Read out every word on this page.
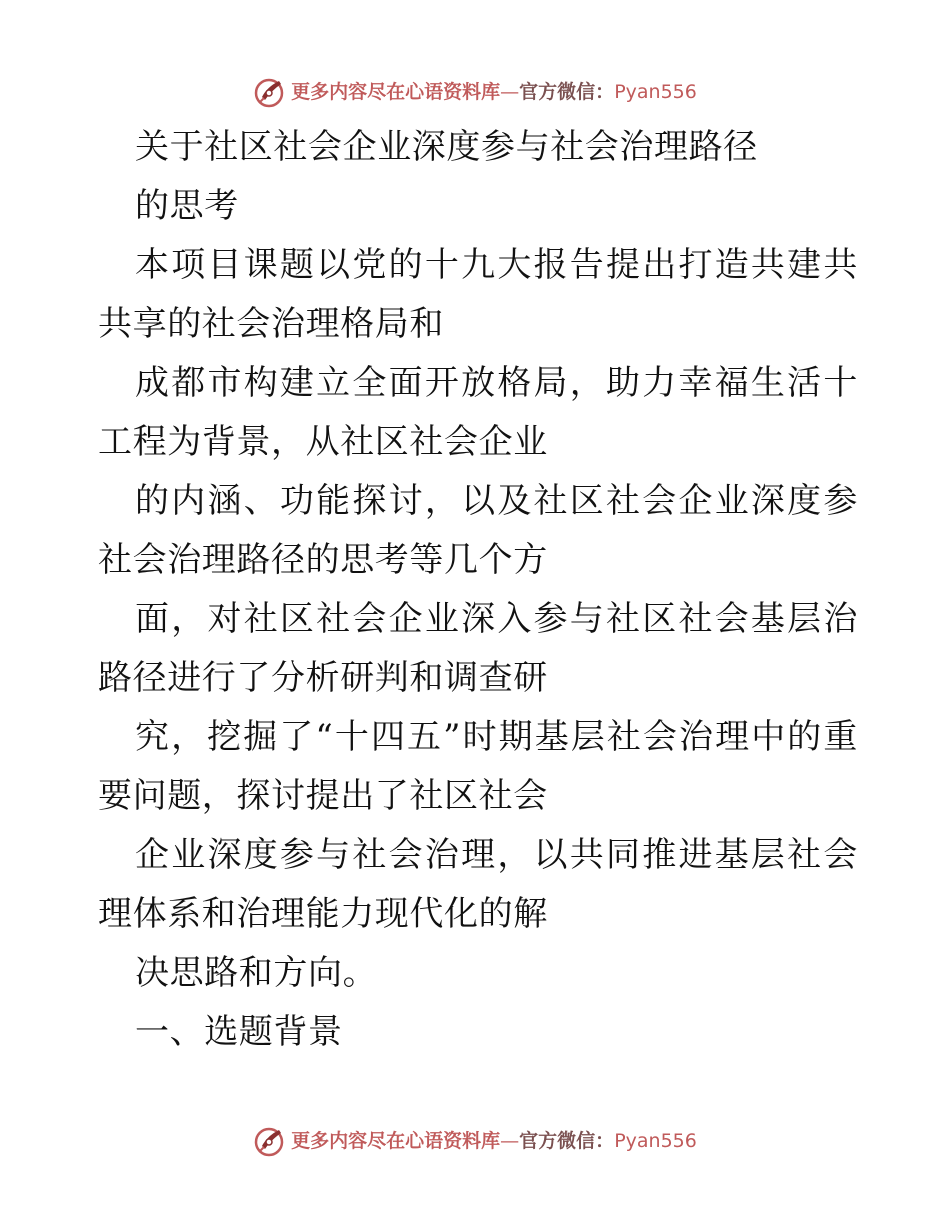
更多内容尽在心语资料库 — 官方微信： Pyan556
关于社区社会企业深度参与社会治理路径
的思考
本项目课题以党的十九大报告提出打造共建共
共享的社会治理格局和
成都市构建立全面开放格局，助力幸福生活十
工程为背景，从社区社会企业
的内涵、功能探讨，以及社区社会企业深度参
社会治理路径的思考等几个方
面，对社区社会企业深入参与社区社会基层治
路径进行了分析研判和调查研
究，挖掘了“十四五”时期基层社会治理中的重
要问题，探讨提出了社区社会
企业深度参与社会治理，以共同推进基层社会
理体系和治理能力现代化的解
决思路和方向。
一、选题背景
更多内容尽在心语资料库 — 官方微信： Pyan556
